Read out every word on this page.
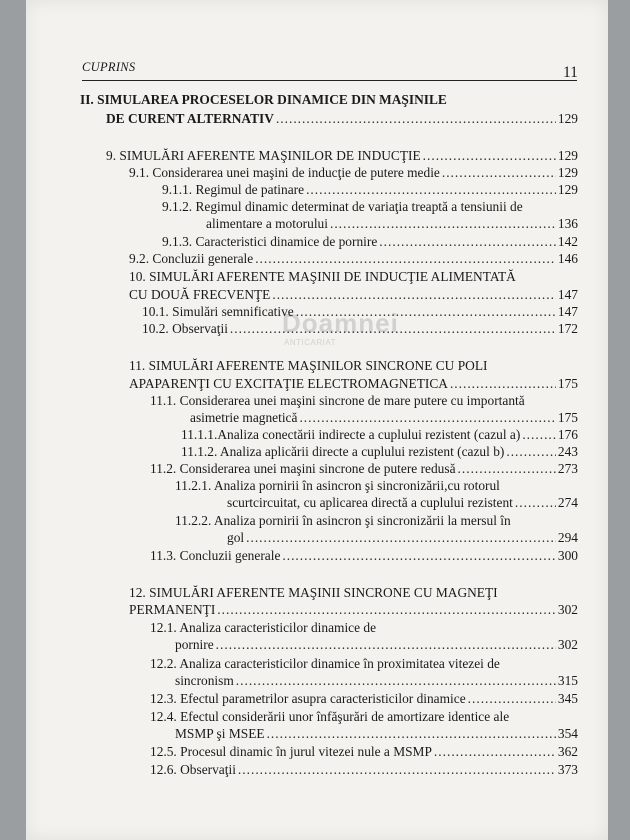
CUPRINS	11
Doamnei
ANTICARIAT
II. SIMULAREA PROCESELOR DINAMICE DIN MAŞINILE
DE CURENT ALTERNATIV .....	129
9. SIMULĂRI AFERENTE MAŞINILOR DE INDUCŢIE .....	129
9.1. Considerarea unei maşini de inducţie de putere medie .....	129
9.1.1. Regimul de patinare .....	129
9.1.2. Regimul dinamic determinat de variaţia treaptă a tensiunii de
alimentare a motorului .....	136
9.1.3. Caracteristici dinamice de pornire .....	142
9.2. Concluzii generale .....	146
10. SIMULĂRI AFERENTE MAŞINII DE INDUCŢIE ALIMENTATĂ
CU DOUĂ FRECVENŢE .....	147
10.1. Simulări semnificative .....	147
10.2. Observaţii .....	172
11. SIMULĂRI AFERENTE MAŞINILOR SINCRONE CU POLI
APAPARENŢI CU EXCITAŢIE ELECTROMAGNETICA .....	175
11.1. Considerarea unei maşini sincrone de mare putere cu importantă
asimetrie magnetică .....	175
11.1.1.Analiza conectării indirecte a cuplului rezistent (cazul a) .....	176
11.1.2. Analiza aplicării directe a cuplului rezistent (cazul b) .....	243
11.2. Considerarea unei maşini sincrone de putere redusă .....	273
11.2.1. Analiza pornirii în asincron şi sincronizării,cu rotorul
scurtcircuitat, cu aplicarea directă a cuplului rezistent .....	274
11.2.2. Analiza pornirii în asincron şi sincronizării la mersul în
gol .....	294
11.3. Concluzii generale .....	300
12. SIMULĂRI AFERENTE MAŞINII SINCRONE CU MAGNEŢI
PERMANENŢI .....	302
12.1. Analiza caracteristicilor dinamice de
pornire .....	302
12.2. Analiza caracteristicilor dinamice în proximitatea vitezei de
sincronism .....	315
12.3. Efectul parametrilor asupra caracteristicilor dinamice .....	345
12.4. Efectul considerării unor înfăşurări de amortizare identice ale
MSMP şi MSEE .....	354
12.5. Procesul dinamic în jurul vitezei nule a MSMP .....	362
12.6. Observaţii .....	373
